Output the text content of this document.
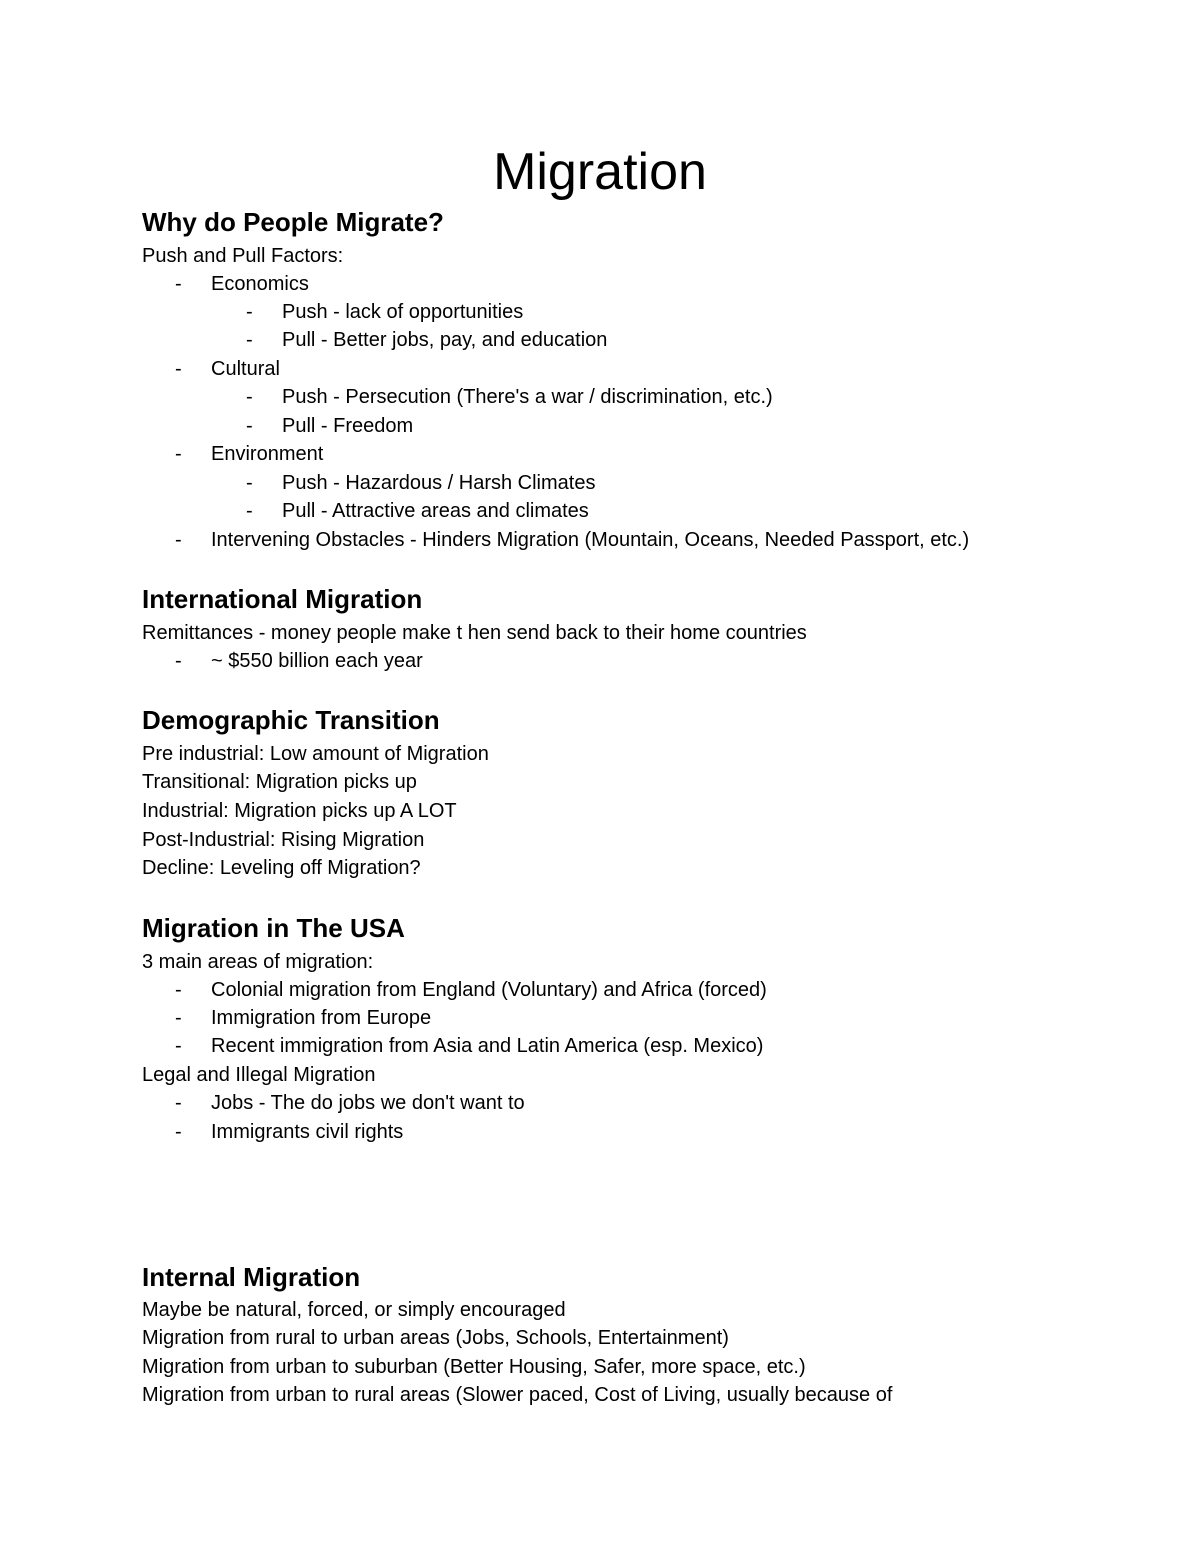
Migration
Why do People Migrate?
Push and Pull Factors:
- Economics
- Push - lack of opportunities
- Pull - Better jobs, pay, and education
- Cultural
- Push - Persecution (There's a war / discrimination, etc.)
- Pull - Freedom
- Environment
- Push - Hazardous / Harsh Climates
- Pull - Attractive areas and climates
- Intervening Obstacles - Hinders Migration (Mountain, Oceans, Needed Passport, etc.)
International Migration
Remittances - money people make t hen send back to their home countries
- ~ $550 billion each year
Demographic Transition
Pre industrial: Low amount of Migration
Transitional: Migration picks up
Industrial: Migration picks up A LOT
Post-Industrial: Rising Migration
Decline: Leveling off Migration?
Migration in The USA
3 main areas of migration:
- Colonial migration from England (Voluntary) and Africa (forced)
- Immigration from Europe
- Recent immigration from Asia and Latin America (esp. Mexico)
Legal and Illegal Migration
- Jobs - The do jobs we don't want to
- Immigrants civil rights
Internal Migration
Maybe be natural, forced, or simply encouraged
Migration from rural to urban areas (Jobs, Schools, Entertainment)
Migration from urban to suburban (Better Housing, Safer, more space, etc.)
Migration from urban to rural areas (Slower paced, Cost of Living, usually because of
